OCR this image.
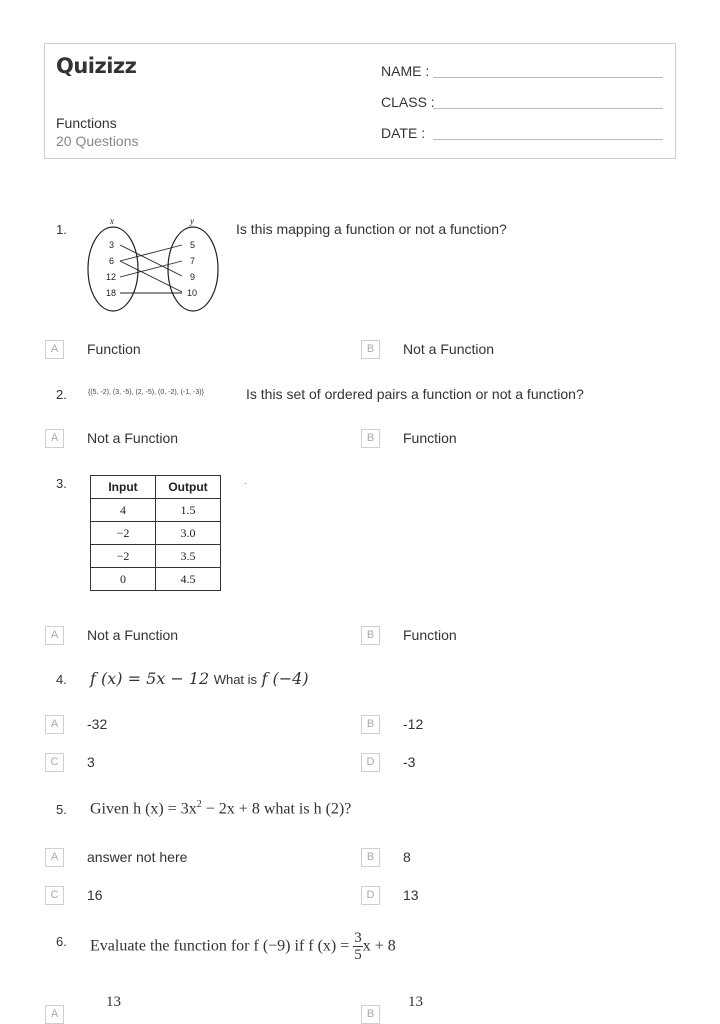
Quizizz
Functions
20 Questions
NAME :
CLASS :
DATE :
1.
x	y
3
6
12
18
5
7
9
10
Is this mapping a function or not a function?
A	Function	B	Not a Function
2.	{(5, -2), (3, -5), (2, -5), (0, -2), (-1, -3)}	Is this set of ordered pairs a function or not a function?
A	Not a Function	B	Function
3.	Input	Output
4	1.5
−2	3.0
−2	3.5
0	4.5
.
A	Not a Function	B	Function
4. f (x) = 5x − 12 What is f (−4)
A	-32	B	-12
C	3	D	-3
5. Given h $(x) = 3x^2 - 2x + 8$ what is h (2)?
A	answer not here	B	8
C	16	D	13
6. Evaluate the function for f (−9) if f $(x) = \frac{3}{5}$ x + 8
A
13
B
13
